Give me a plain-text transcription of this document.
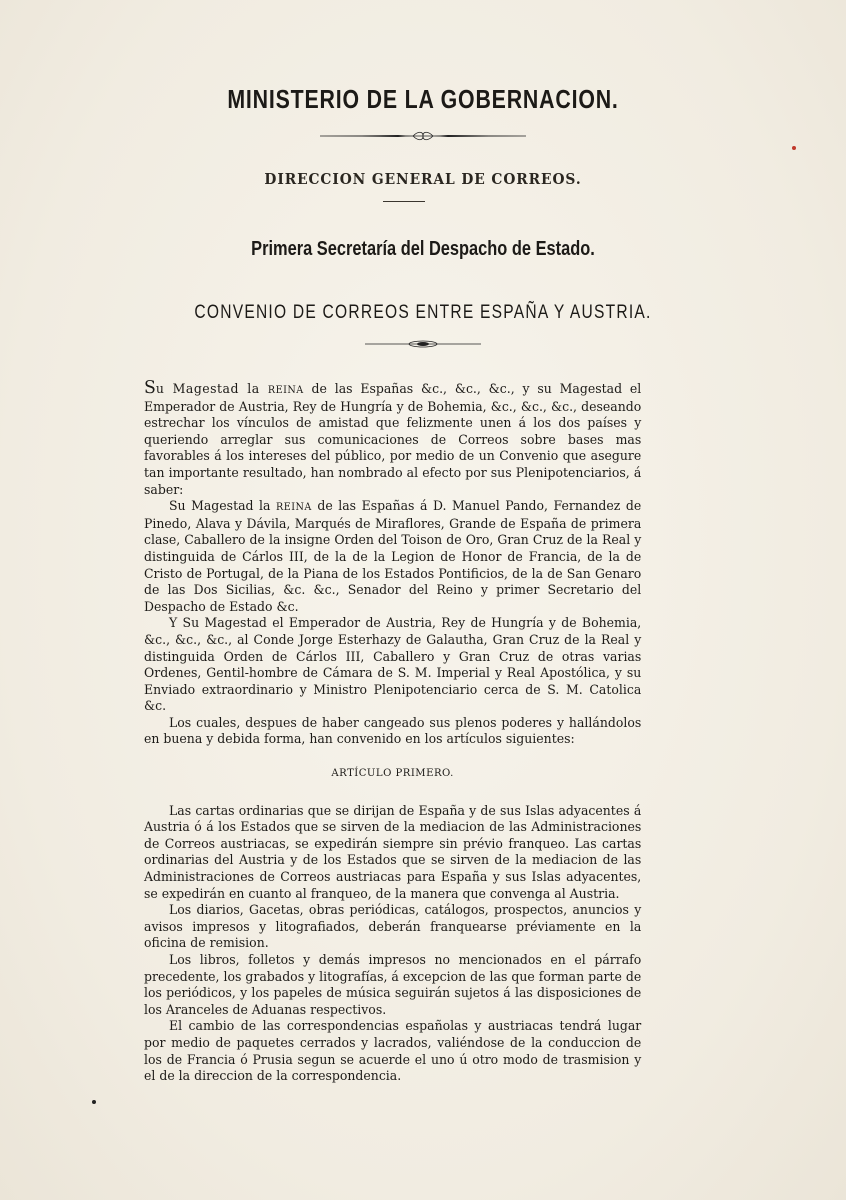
MINISTERIO DE LA GOBERNACION.
DIRECCION GENERAL DE CORREOS.
Primera Secretaría del Despacho de Estado.
CONVENIO DE CORREOS ENTRE ESPAÑA Y AUSTRIA.

Su Magestad la REINA de las Españas &c., &c., &c., y su Magestad el Emperador de Austria, Rey de Hungría y de Bohemia, &c., &c., &c., deseando estrechar los vínculos de amistad que felizmente unen á los dos países y queriendo arreglar sus comunicaciones de Correos sobre bases mas favorables á los intereses del público, por medio de un Convenio que asegure tan importante resultado, han nombrado al efecto por sus Plenipotenciarios, á saber:

Su Magestad la REINA de las Españas á D. Manuel Pando, Fernandez de Pinedo, Alava y Dávila, Marqués de Miraflores, Grande de España de primera clase, Caballero de la insigne Orden del Toison de Oro, Gran Cruz de la Real y distinguida de Cárlos III, de la de la Legion de Honor de Francia, de la de Cristo de Portugal, de la Piana de los Estados Pontificios, de la de San Genaro de las Dos Sicilias, &c. &c., Senador del Reino y primer Secretario del Despacho de Estado &c.

Y Su Magestad el Emperador de Austria, Rey de Hungría y de Bohemia, &c., &c., &c., al Conde Jorge Esterhazy de Galautha, Gran Cruz de la Real y distinguida Orden de Cárlos III, Caballero y Gran Cruz de otras varias Ordenes, Gentil-hombre de Cámara de S. M. Imperial y Real Apostólica, y su Enviado extraordinario y Ministro Plenipotenciario cerca de S. M. Catolica &c.

Los cuales, despues de haber cangeado sus plenos poderes y hallándolos en buena y debida forma, han convenido en los artículos siguientes:

ARTÍCULO PRIMERO.

Las cartas ordinarias que se dirijan de España y de sus Islas adyacentes á Austria ó á los Estados que se sirven de la mediacion de las Administraciones de Correos austriacas, se expedirán siempre sin prévio franqueo. Las cartas ordinarias del Austria y de los Estados que se sirven de la mediacion de las Administraciones de Correos austriacas para España y sus Islas adyacentes, se expedirán en cuanto al franqueo, de la manera que convenga al Austria.

Los diarios, Gacetas, obras periódicas, catálogos, prospectos, anuncios y avisos impresos y litografiados, deberán franquearse préviamente en la oficina de remision.

Los libros, folletos y demás impresos no mencionados en el párrafo precedente, los grabados y litografías, á excepcion de las que forman parte de los periódicos, y los papeles de música seguirán sujetos á las disposiciones de los Aranceles de Aduanas respectivos.

El cambio de las correspondencias españolas y austriacas tendrá lugar por medio de paquetes cerrados y lacrados, valiéndose de la conduccion de los de Francia ó Prusia segun se acuerde el uno ú otro modo de trasmision y el de la direccion de la correspondencia.
